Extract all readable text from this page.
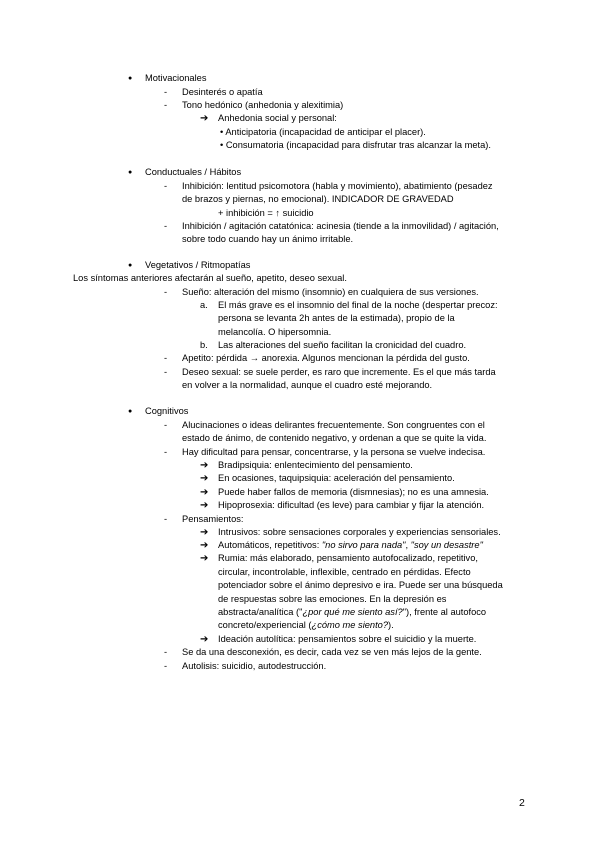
● Motivacionales
- Desinterés o apatía
- Tono hedónico (anhedonia y alexitimia)
➔ Anhedonia social y personal:
• Anticipatoria (incapacidad de anticipar el placer).
• Consumatoria (incapacidad para disfrutar tras alcanzar la meta).
● Conductuales / Hábitos
- Inhibición: lentitud psicomotora (habla y movimiento), abatimiento (pesadez
de brazos y piernas, no emocional). INDICADOR DE GRAVEDAD
+ inhibición = ↑ suicidio
- Inhibición / agitación catatónica: acinesia (tiende a la inmovilidad) / agitación,
sobre todo cuando hay un ánimo irritable.
● Vegetativos / Ritmopatías
Los síntomas anteriores afectarán al sueño, apetito, deseo sexual.
- Sueño: alteración del mismo (insomnio) en cualquiera de sus versiones.
a. El más grave es el insomnio del final de la noche (despertar precoz:
persona se levanta 2h antes de la estimada), propio de la
melancolía. O hipersomnia.
b. Las alteraciones del sueño facilitan la cronicidad del cuadro.
- Apetito: pérdida → anorexia. Algunos mencionan la pérdida del gusto.
- Deseo sexual: se suele perder, es raro que incremente. Es el que más tarda
en volver a la normalidad, aunque el cuadro esté mejorando.
● Cognitivos
- Alucinaciones o ideas delirantes frecuentemente. Son congruentes con el
estado de ánimo, de contenido negativo, y ordenan a que se quite la vida.
- Hay dificultad para pensar, concentrarse, y la persona se vuelve indecisa.
➔ Bradipsiquia: enlentecimiento del pensamiento.
➔ En ocasiones, taquipsiquia: aceleración del pensamiento.
➔ Puede haber fallos de memoria (dismnesias); no es una amnesia.
➔ Hipoprosexia: dificultad (es leve) para cambiar y fijar la atención.
- Pensamientos:
➔ Intrusivos: sobre sensaciones corporales y experiencias sensoriales.
➔ Automáticos, repetitivos: "no sirvo para nada", "soy un desastre"
➔ Rumia: más elaborado, pensamiento autofocalizado, repetitivo,
circular, incontrolable, inflexible, centrado en pérdidas. Efecto
potenciador sobre el ánimo depresivo e ira. Puede ser una búsqueda
de respuestas sobre las emociones. En la depresión es
abstracta/analítica ("¿por qué me siento así?"), frente al autofoco
concreto/experiencial (¿cómo me siento?).
➔ Ideación autolítica: pensamientos sobre el suicidio y la muerte.
- Se da una desconexión, es decir, cada vez se ven más lejos de la gente.
- Autolisis: suicidio, autodestrucción.
2
